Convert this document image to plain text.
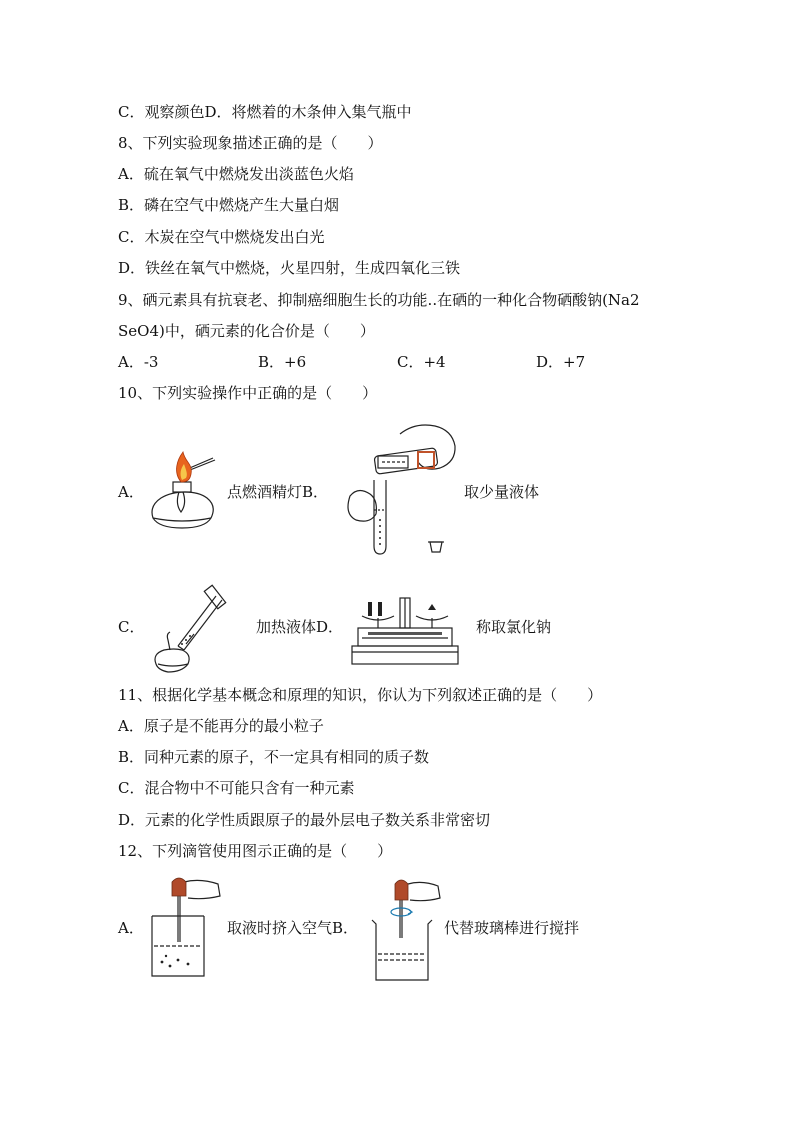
C．观察颜色D．将燃着的木条伸入集气瓶中
8、下列实验现象描述正确的是（　　）
A．硫在氧气中燃烧发出淡蓝色火焰
B．磷在空气中燃烧产生大量白烟
C．木炭在空气中燃烧发出白光
D．铁丝在氧气中燃烧，火星四射，生成四氧化三铁
9、硒元素具有抗衰老、抑制癌细胞生长的功能..在硒的一种化合物硒酸钠(Na2
SeO4)中，硒元素的化合价是（　　）
A．-3	B．+6	C．+4	D．+7
10、下列实验操作中正确的是（　　）
A．	点燃酒精灯B．	取少量液体
C．	加热液体D．	称取氯化钠
11、根据化学基本概念和原理的知识，你认为下列叙述正确的是（　　）
A．原子是不能再分的最小粒子
B．同种元素的原子，不一定具有相同的质子数
C．混合物中不可能只含有一种元素
D．元素的化学性质跟原子的最外层电子数关系非常密切
12、下列滴管使用图示正确的是（　　）
A．	取液时挤入空气B．	代替玻璃棒进行搅拌
